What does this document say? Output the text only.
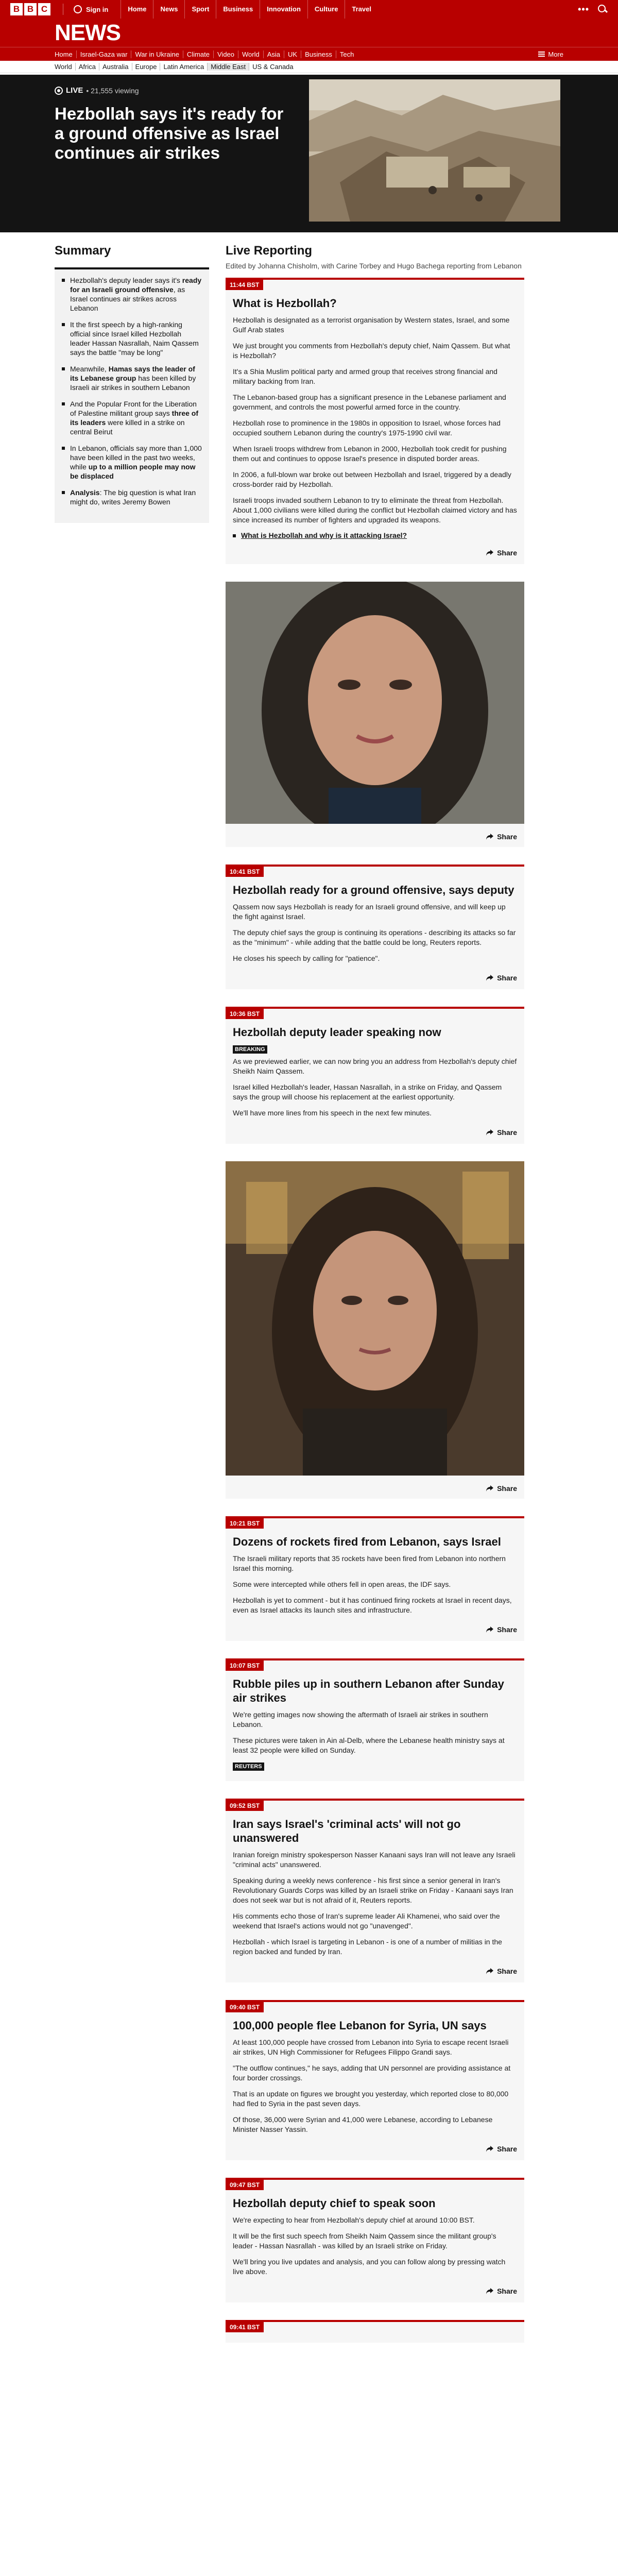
B B C	Sign in	Home	News	Sport	Business	Innovation	Culture	Travel	•••
NEWS
Home	Israel-Gaza war	War in Ukraine	Climate	Video	World	Asia	UK	Business	Tech	More
World	Africa	Australia	Europe	Latin America	Middle East	US & Canada
LIVE • 21,555 viewing
Hezbollah says it's ready for a ground offensive as Israel continues air strikes
Summary
Hezbollah's deputy leader says it's ready for an Israeli ground offensive, as Israel continues air strikes across Lebanon
It the first speech by a high-ranking official since Israel killed Hezbollah leader Hassan Nasrallah, Naim Qassem says the battle "may be long"
Meanwhile, Hamas says the leader of its Lebanese group has been killed by Israeli air strikes in southern Lebanon
And the Popular Front for the Liberation of Palestine militant group says three of its leaders were killed in a strike on central Beirut
In Lebanon, officials say more than 1,000 have been killed in the past two weeks, while up to a million people may now be displaced
Analysis: The big question is what Iran might do, writes Jeremy Bowen
Live Reporting

Edited by Johanna Chisholm, with Carine Torbey and Hugo Bachega reporting from Lebanon

11:44 BST
What is Hezbollah?

Hezbollah is designated as a terrorist organisation by Western states, Israel, and some Gulf Arab states

We just brought you comments from Hezbollah's deputy chief, Naim Qassem. But what is Hezbollah?

It's a Shia Muslim political party and armed group that receives strong financial and military backing from Iran.

The Lebanon-based group has a significant presence in the Lebanese parliament and government, and controls the most powerful armed force in the country.

Hezbollah rose to prominence in the 1980s in opposition to Israel, whose forces had occupied southern Lebanon during the country's 1975-1990 civil war.

When Israeli troops withdrew from Lebanon in 2000, Hezbollah took credit for pushing them out and continues to oppose Israel's presence in disputed border areas.

In 2006, a full-blown war broke out between Hezbollah and Israel, triggered by a deadly cross-border raid by Hezbollah.

Israeli troops invaded southern Lebanon to try to eliminate the threat from Hezbollah. About 1,000 civilians were killed during the conflict but Hezbollah claimed victory and has since increased its number of fighters and upgraded its weapons.

What is Hezbollah and why is it attacking Israel?
Share
Share
10:41 BST
Hezbollah ready for a ground offensive, says deputy

Qassem now says Hezbollah is ready for an Israeli ground offensive, and will keep up the fight against Israel.

The deputy chief says the group is continuing its operations - describing its attacks so far as the "minimum" - while adding that the battle could be long, Reuters reports.

He closes his speech by calling for "patience".

Share
10:36 BST
Hezbollah deputy leader speaking now
BREAKING

As we previewed earlier, we can now bring you an address from Hezbollah's deputy chief Sheikh Naim Qassem.

Israel killed Hezbollah's leader, Hassan Nasrallah, in a strike on Friday, and Qassem says the group will choose his replacement at the earliest opportunity.

We'll have more lines from his speech in the next few minutes.

Share
Share
10:21 BST
Dozens of rockets fired from Lebanon, says Israel

The Israeli military reports that 35 rockets have been fired from Lebanon into northern Israel this morning.

Some were intercepted while others fell in open areas, the IDF says.

Hezbollah is yet to comment - but it has continued firing rockets at Israel in recent days, even as Israel attacks its launch sites and infrastructure.

Share
10:07 BST
Rubble piles up in southern Lebanon after Sunday air strikes

We're getting images now showing the aftermath of Israeli air strikes in southern Lebanon.

These pictures were taken in Ain al-Delb, where the Lebanese health ministry says at least 32 people were killed on Sunday.

REUTERS
09:52 BST
Iran says Israel's 'criminal acts' will not go unanswered

Iranian foreign ministry spokesperson Nasser Kanaani says Iran will not leave any Israeli "criminal acts" unanswered.

Speaking during a weekly news conference - his first since a senior general in Iran's Revolutionary Guards Corps was killed by an Israeli strike on Friday - Kanaani says Iran does not seek war but is not afraid of it, Reuters reports.

His comments echo those of Iran's supreme leader Ali Khamenei, who said over the weekend that Israel's actions would not go "unavenged".

Hezbollah - which Israel is targeting in Lebanon - is one of a number of militias in the region backed and funded by Iran.

Share
09:40 BST
100,000 people flee Lebanon for Syria, UN says

At least 100,000 people have crossed from Lebanon into Syria to escape recent Israeli air strikes, UN High Commissioner for Refugees Filippo Grandi says.

"The outflow continues," he says, adding that UN personnel are providing assistance at four border crossings.

That is an update on figures we brought you yesterday, which reported close to 80,000 had fled to Syria in the past seven days.

Of those, 36,000 were Syrian and 41,000 were Lebanese, according to Lebanese Minister Nasser Yassin.

Share
09:47 BST
Hezbollah deputy chief to speak soon

We're expecting to hear from Hezbollah's deputy chief at around 10:00 BST.

It will be the first such speech from Sheikh Naim Qassem since the militant group's leader - Hassan Nasrallah - was killed by an Israeli strike on Friday.

We'll bring you live updates and analysis, and you can follow along by pressing watch live above.

Share
09:41 BST
